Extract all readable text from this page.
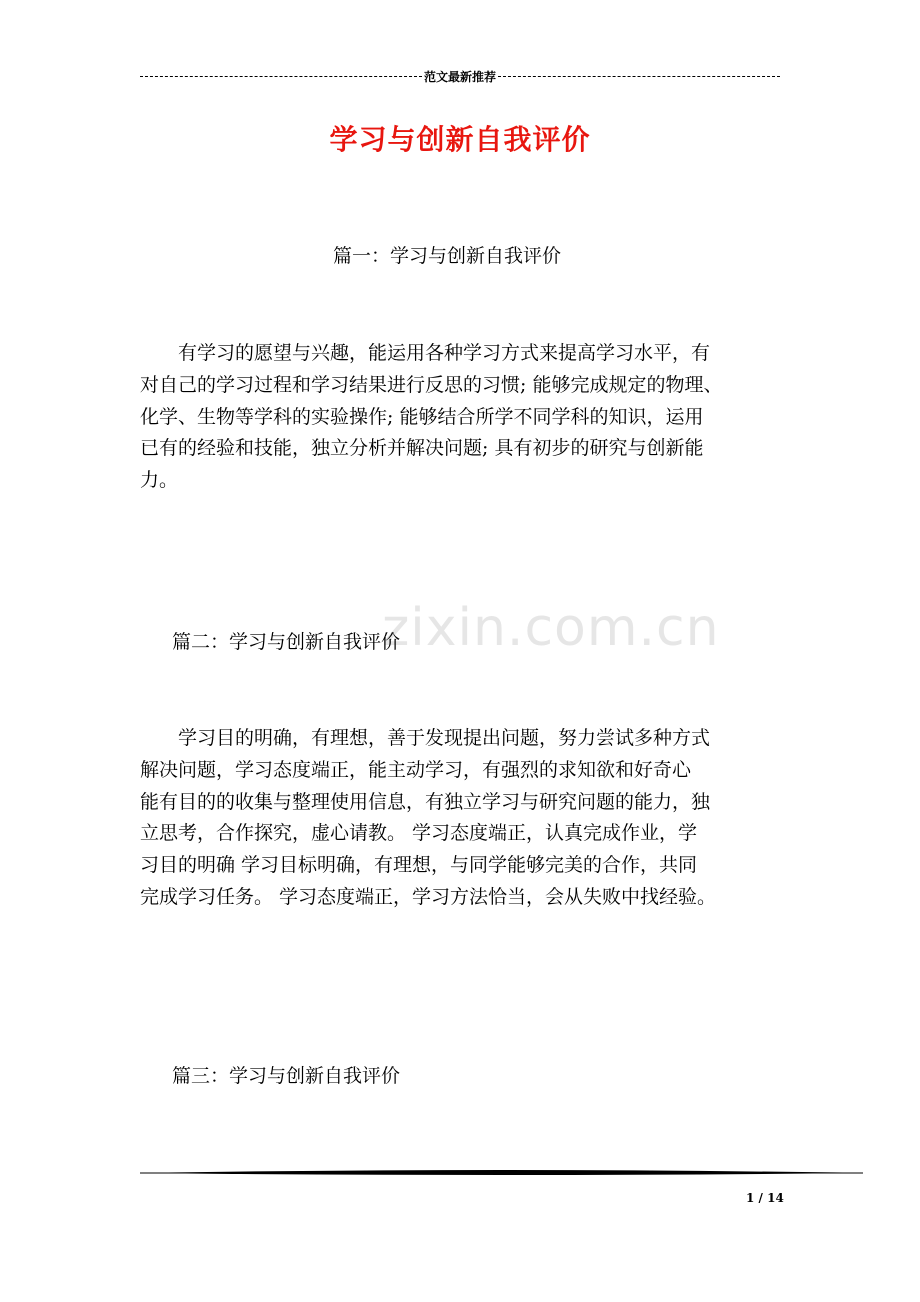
范文最新推荐
学习与创新自我评价
篇一：学习与创新自我评价
　　有学习的愿望与兴趣，能运用各种学习方式来提高学习水平，有
对自己的学习过程和学习结果进行反思的习惯; 能够完成规定的物理、
化学、生物等学科的实验操作; 能够结合所学不同学科的知识，运用
已有的经验和技能，独立分析并解决问题; 具有初步的研究与创新能
力。
zixin.com.cn
篇二：学习与创新自我评价
　　学习目的明确，有理想，善于发现提出问题，努力尝试多种方式
解决问题，学习态度端正，能主动学习，有强烈的求知欲和好奇心
能有目的的收集与整理使用信息，有独立学习与研究问题的能力，独
立思考，合作探究，虚心请教。 学习态度端正，认真完成作业，学
习目的明确 学习目标明确，有理想，与同学能够完美的合作，共同
完成学习任务。 学习态度端正，学习方法恰当，会从失败中找经验。
篇三：学习与创新自我评价
1 / 14
